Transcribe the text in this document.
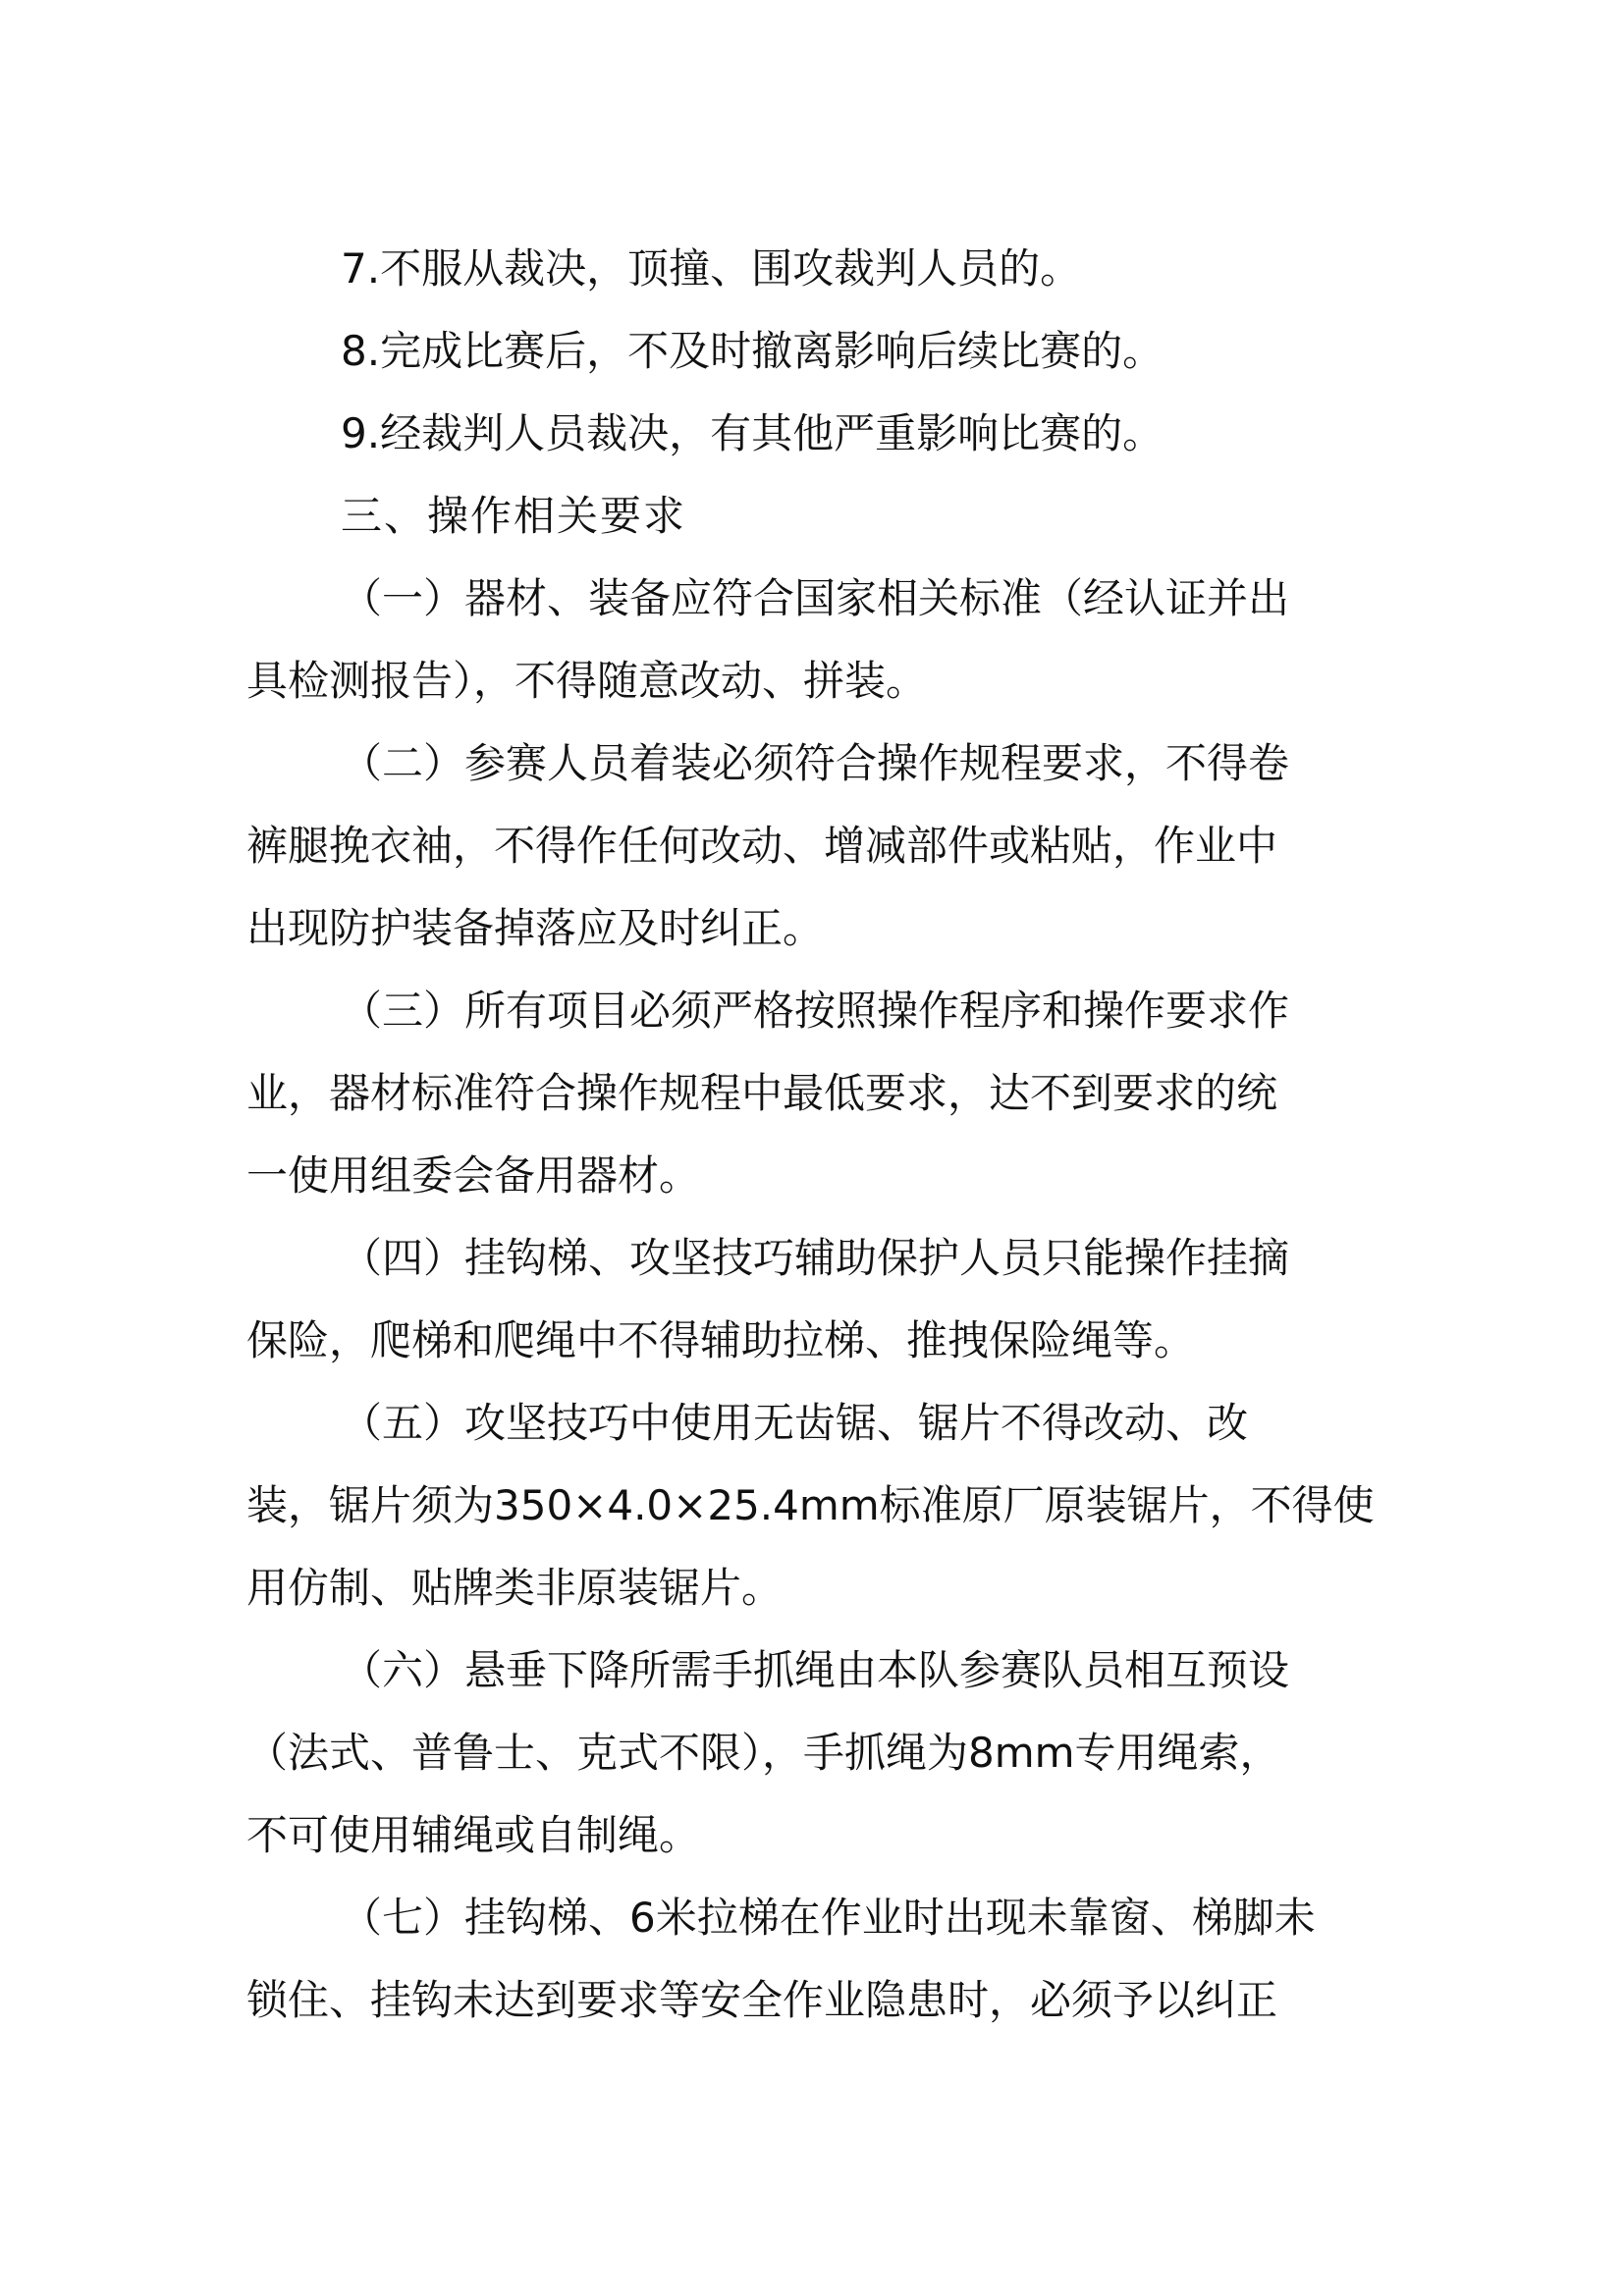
7.不服从裁决，顶撞、围攻裁判人员的。

8.完成比赛后，不及时撤离影响后续比赛的。

9.经裁判人员裁决，有其他严重影响比赛的。

三、操作相关要求

（一）器材、装备应符合国家相关标准（经认证并出
具检测报告），不得随意改动、拼装。

（二）参赛人员着装必须符合操作规程要求，不得卷
裤腿挽衣袖，不得作任何改动、增减部件或粘贴，作业中
出现防护装备掉落应及时纠正。

（三）所有项目必须严格按照操作程序和操作要求作
业，器材标准符合操作规程中最低要求，达不到要求的统
一使用组委会备用器材。

（四）挂钩梯、攻坚技巧辅助保护人员只能操作挂摘
保险，爬梯和爬绳中不得辅助拉梯、推拽保险绳等。

（五）攻坚技巧中使用无齿锯、锯片不得改动、改
装，锯片须为350×4.0×25.4mm标准原厂原装锯片，不得使
用仿制、贴牌类非原装锯片。

（六）悬垂下降所需手抓绳由本队参赛队员相互预设
（法式、普鲁士、克式不限），手抓绳为8mm专用绳索，
不可使用辅绳或自制绳。

（七）挂钩梯、6米拉梯在作业时出现未靠窗、梯脚未
锁住、挂钩未达到要求等安全作业隐患时，必须予以纠正
